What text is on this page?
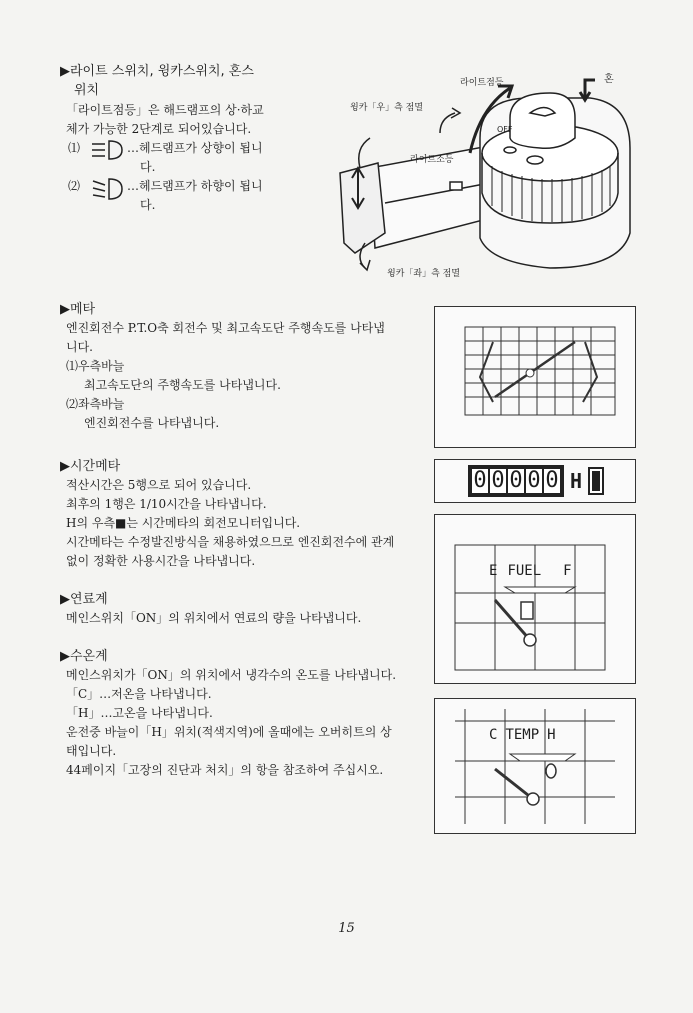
▶라이트 스위치, 윙카스위치, 혼스
위치
「라이트점등」은 해드램프의 상·하교
체가 가능한 2단계로 되어있습니다.
⑴	…헤드램프가 상향이 됩니
다.
⑵	…헤드램프가 하향이 됩니
다.
라이트점등	혼
윙카「우」측 점멸
OFF
라이트소등
윙카「좌」측 점멸
▶메타
엔진회전수 P.T.O축 회전수 및 최고속도단 주행속도를 나타냅
니다.
⑴우측바늘
최고속도단의 주행속도를 나타냅니다.
⑵좌측바늘
엔진회전수를 나타냅니다.
▶시간메타
적산시간은 5행으로 되어 있습니다.
최후의 1행은 1/10시간을 나타냅니다.
H의 우측■는 시간메타의 회전모니터입니다.
시간메타는 수정발진방식을 채용하였으므로 엔진회전수에 관계
없이 정확한 사용시간을 나타냅니다.
0 0 0 0 0 H
▶연료계
메인스위치「ON」의 위치에서 연료의 량을 나타냅니다.
E FUEL F
▶수온계
메인스위치가「ON」의 위치에서 냉각수의 온도를 나타냅니다.
「C」…저온을 나타냅니다.
「H」…고온을 나타냅니다.
운전중 바늘이「H」위치(적색지역)에 올때에는 오버히트의 상
태입니다.
44페이지「고장의 진단과 처치」의 항을 참조하여 주십시오.
C TEMP H
15
